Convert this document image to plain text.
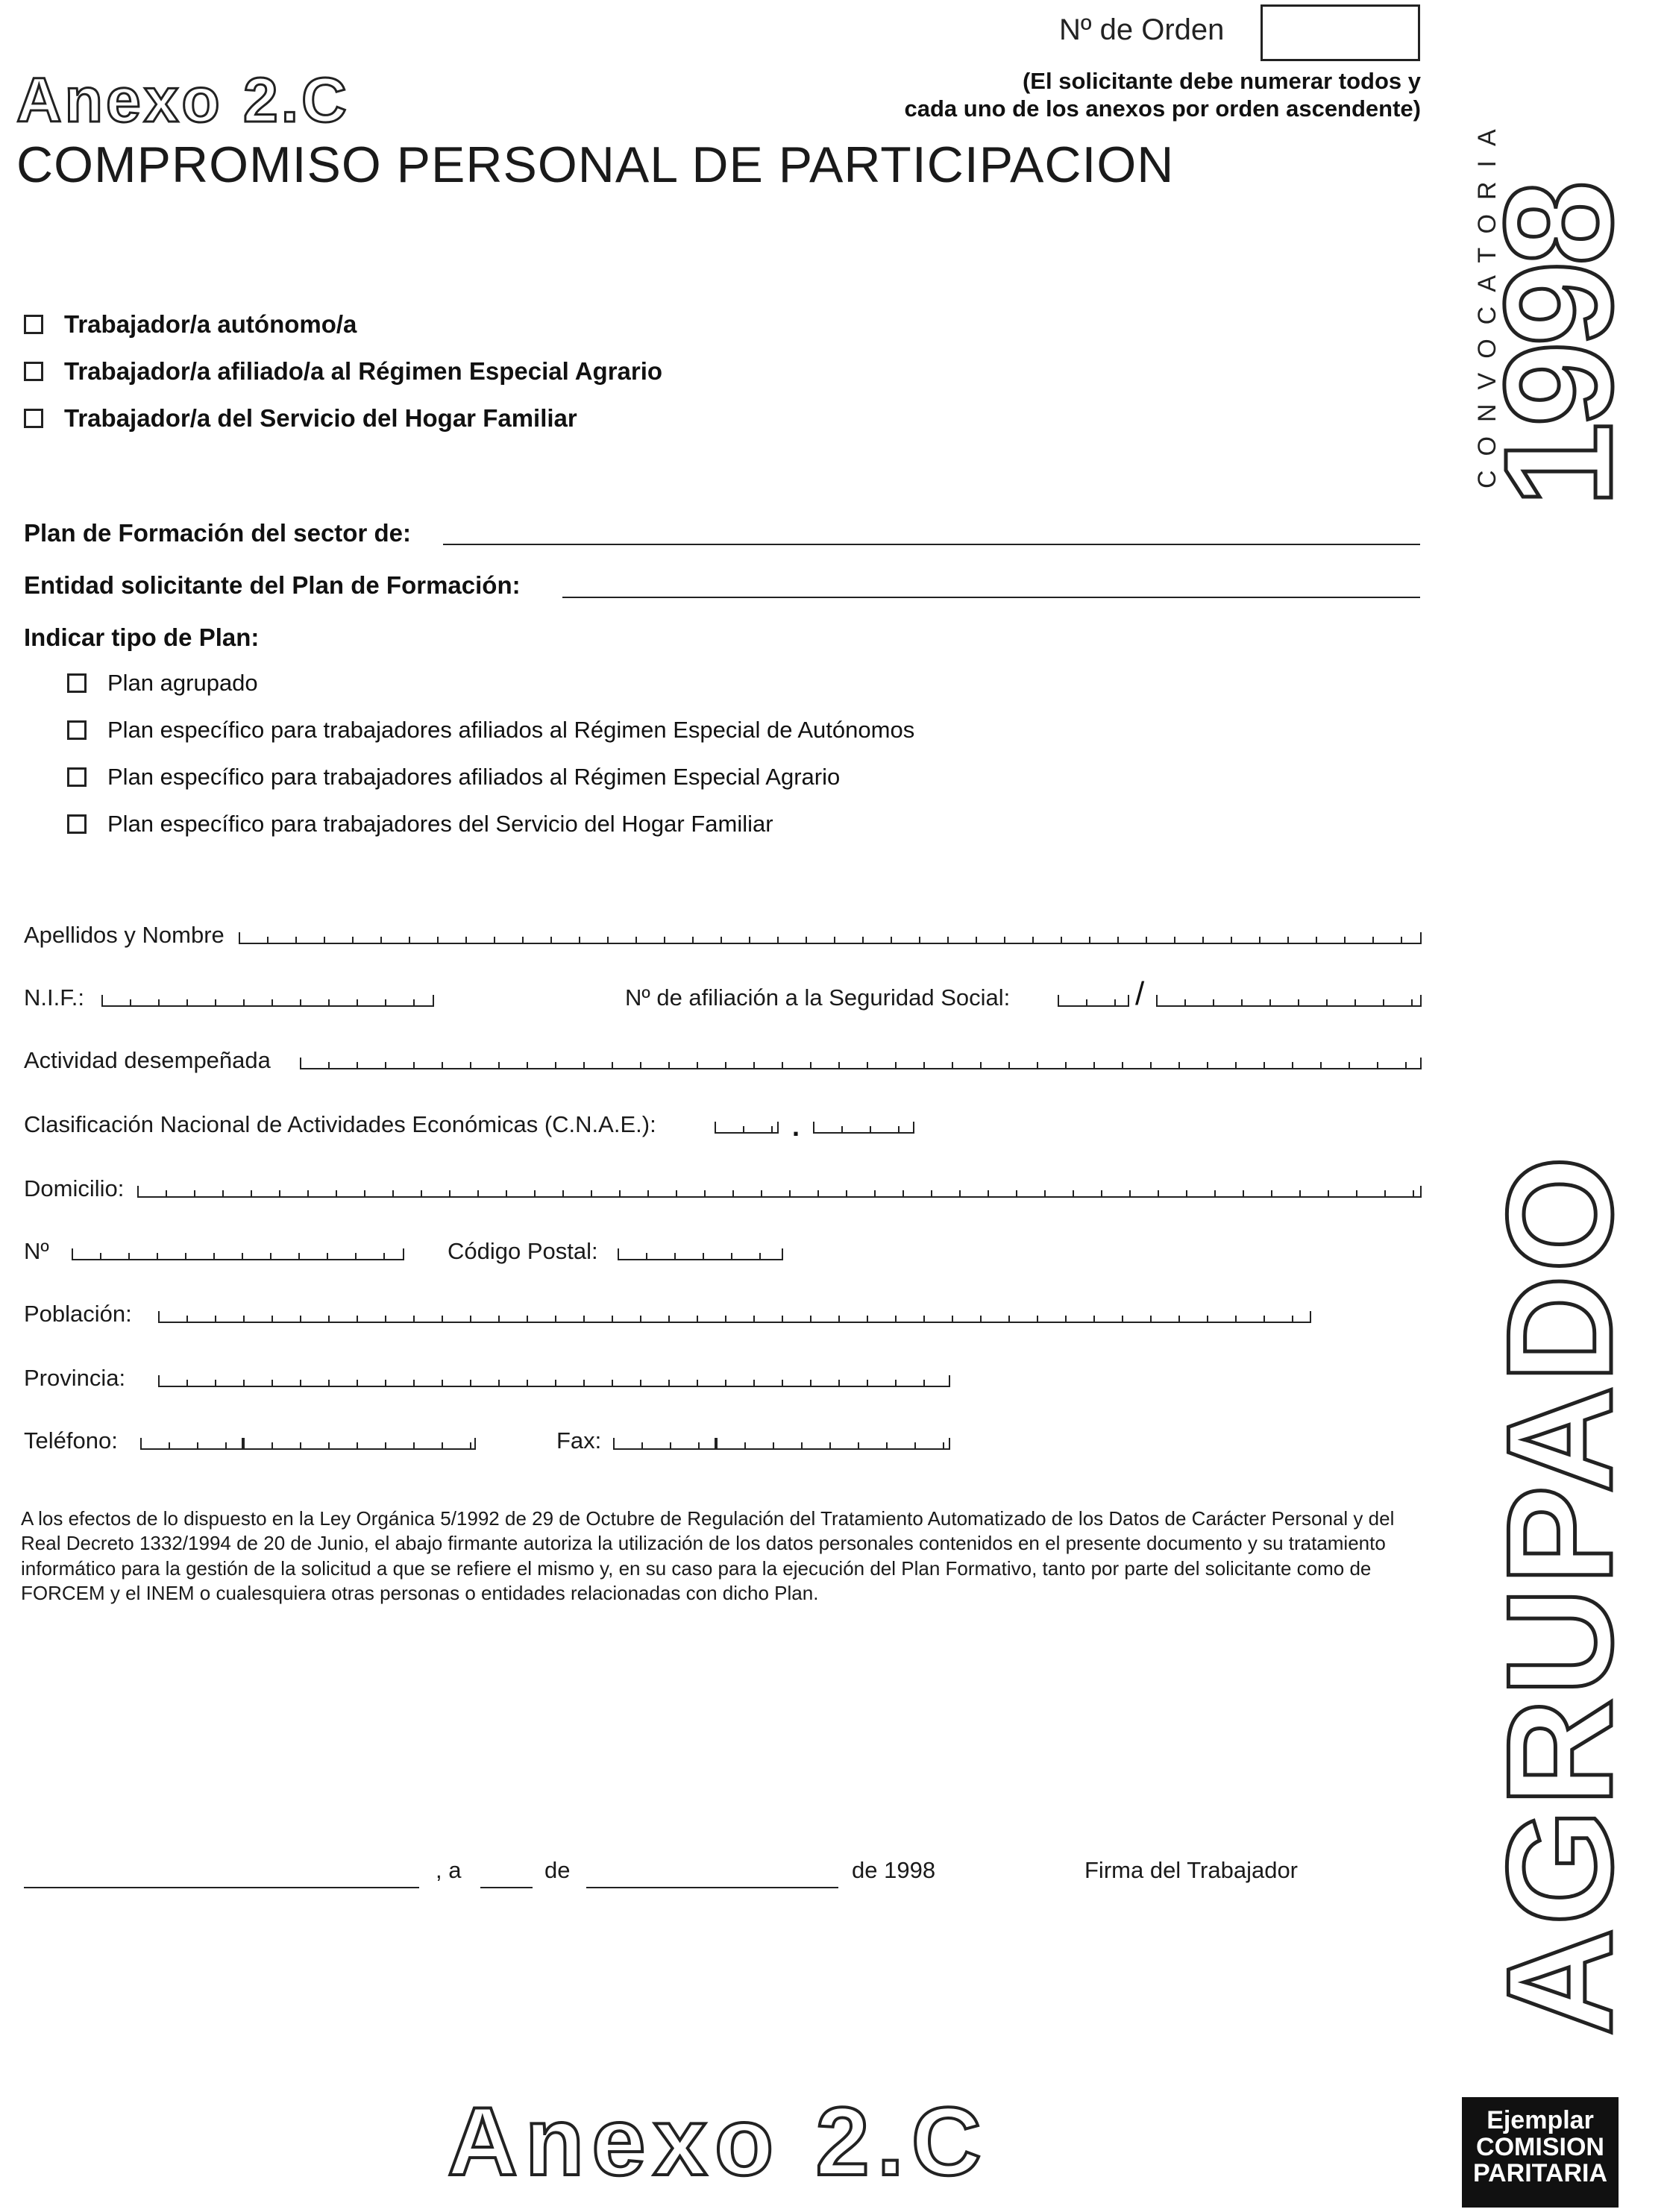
Nº de Orden
(El solicitante debe numerar todos y
cada uno de los anexos por orden ascendente)
Anexo 2.C
COMPROMISO PERSONAL DE PARTICIPACION
Trabajador/a autónomo/a
Trabajador/a afiliado/a al Régimen Especial Agrario
Trabajador/a del Servicio del Hogar Familiar
Plan de Formación del sector de:
Entidad solicitante del Plan de Formación:
Indicar tipo de Plan:
Plan agrupado
Plan específico para trabajadores afiliados al Régimen Especial de Autónomos
Plan específico para trabajadores afiliados al Régimen Especial Agrario
Plan específico para trabajadores del Servicio del Hogar Familiar
Apellidos y Nombre
N.I.F.:	Nº de afiliación a la Seguridad Social:	/
Actividad desempeñada
Clasificación Nacional de Actividades Económicas (C.N.A.E.):	.
Domicilio:
Nº	Código Postal:
Población:
Provincia:
Teléfono:	Fax:
A los efectos de lo dispuesto en la Ley Orgánica 5/1992 de 29 de Octubre de Regulación del Tratamiento Automatizado de los Datos de Carácter Personal y del Real Decreto 1332/1994 de 20 de Junio, el abajo firmante autoriza la utilización de los datos personales contenidos en el presente documento y su tratamiento informático para la gestión de la solicitud a que se refiere el mismo y, en su caso para la ejecución del Plan Formativo, tanto por parte del solicitante como de FORCEM y el INEM o cualesquiera otras personas o entidades relacionadas con dicho Plan.
, a	de	de 1998	Firma del Trabajador
CONVOCATORIA
1998
AGRUPADO
Anexo 2.C	Ejemplar
COMISION
PARITARIA
